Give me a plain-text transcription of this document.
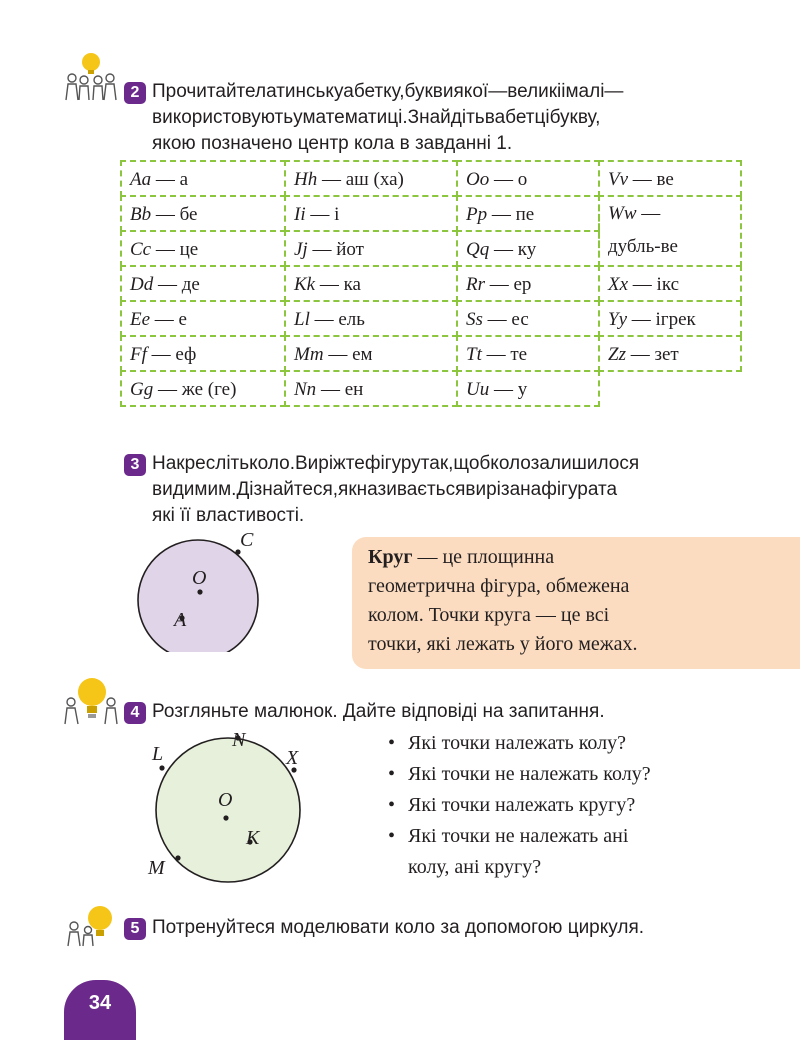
2 Прочитайтелатинськуабетку,буквиякої—великіімалі—
використовуютьуматематиці.Знайдітьвабетцібукву,
якою позначено центр кола в завданні 1.
Aa — а
Bb — бе
Cc — це
Dd — де
Ee — е
Ff — еф
Gg — же (ге)
Hh — аш (ха)
Ii — і
Jj — йот
Kk — ка
Ll — ель
Mm — ем
Nn — ен
Oo — о
Pp — пе
Qq — ку
Rr — ер
Ss — ес
Tt — те
Uu — у
Vv — ве
Ww —
дубль-ве
Xx — ікс
Yy — ігрек
Zz — зет
3 Накреслітьколо.Виріжтефігурутак,щобколозалишилося
видимим.Дізнайтеся,якназиваєтьсявирізанафігурата
які її властивості.
C
O
A
Круг — це площинна
геометрична фігура, обмежена
колом. Точки круга — це всі
точки, які лежать у його межах.
4 Розгляньте малюнок. Дайте відповіді на запитання.
L
N
X
O
K
M
• Які точки належать колу?
• Які точки не належать колу?
• Які точки належать кругу?
• Які точки не належать ані
колу, ані кругу?
5 Потренуйтеся моделювати коло за допомогою циркуля.
34
